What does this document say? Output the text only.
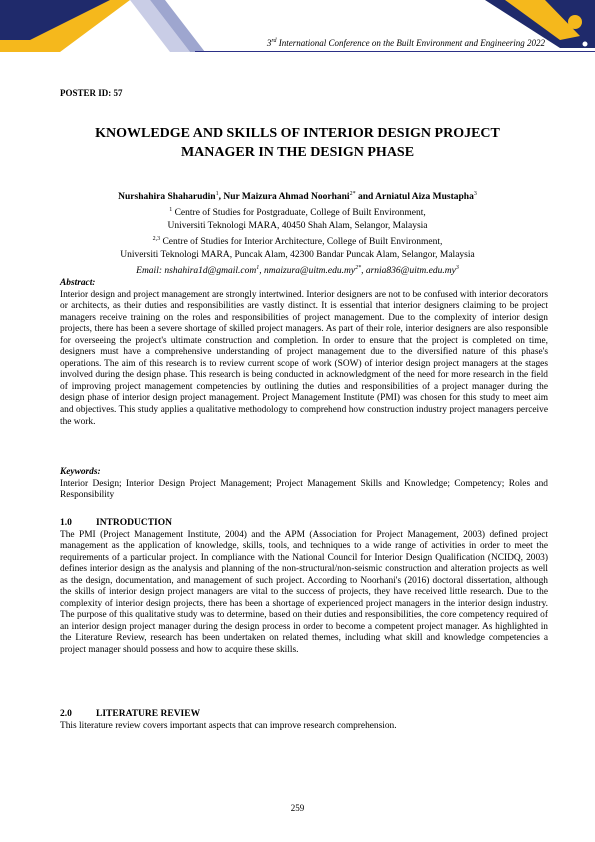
3rd International Conference on the Built Environment and Engineering 2022
POSTER ID: 57
KNOWLEDGE AND SKILLS OF INTERIOR DESIGN PROJECT
MANAGER IN THE DESIGN PHASE
Nurshahira Shaharudin$^1$, Nur Maizura Ahmad Noorhani$^{2*}$ and Arniatul Aiza Mustapha$^3$
$^1$ Centre of Studies for Postgraduate, College of Built Environment,
Universiti Teknologi MARA, 40450 Shah Alam, Selangor, Malaysia
$^{2,3}$ Centre of Studies for Interior Architecture, College of Built Environment,
Universiti Teknologi MARA, Puncak Alam, 42300 Bandar Puncak Alam, Selangor, Malaysia
Email: nshahira1d@gmail.com$^1$, $nmaizura@uitm.edu.my^{2*}$, $arnia836@uitm.edu.my^3$
Abstract:

Interior design and project management are strongly intertwined. Interior designers are not to be confused with interior decorators or architects, as their duties and responsibilities are vastly distinct. It is essential that interior designers claiming to be project managers receive training on the roles and responsibilities of project management. Due to the complexity of interior design projects, there has been a severe shortage of skilled project managers. As part of their role, interior designers are also responsible for overseeing the project's ultimate construction and completion. In order to ensure that the project is completed on time, designers must have a comprehensive understanding of project management due to the diversified nature of this phase's operations. The aim of this research is to review current scope of work (SOW) of interior design project managers at the stages involved during the design phase. This research is being conducted in acknowledgment of the need for more research in the field of improving project management competencies by outlining the duties and responsibilities of a project manager during the design phase of interior design project management. Project Management Institute (PMI) was chosen for this study to meet aim and objectives. This study applies a qualitative methodology to comprehend how construction industry project managers perceive the work.

Keywords:

Interior Design; Interior Design Project Management; Project Management Skills and Knowledge; Competency; Roles and Responsibility

1.0	INTRODUCTION

The PMI (Project Management Institute, 2004) and the APM (Association for Project Management, 2003) defined project management as the application of knowledge, skills, tools, and techniques to a wide range of activities in order to meet the requirements of a particular project. In compliance with the National Council for Interior Design Qualification (NCIDQ, 2003) defines interior design as the analysis and planning of the non-structural/non-seismic construction and alteration projects as well as the design, documentation, and management of such project. According to Noorhani's (2016) doctoral dissertation, although the skills of interior design project managers are vital to the success of projects, they have received little research. Due to the complexity of interior design projects, there has been a shortage of experienced project managers in the interior design industry. The purpose of this qualitative study was to determine, based on their duties and responsibilities, the core competency required of an interior design project manager during the design process in order to become a competent project manager. As highlighted in the Literature Review, research has been undertaken on related themes, including what skill and knowledge competencies a project manager should possess and how to acquire these skills.

2.0	LITERATURE REVIEW

This literature review covers important aspects that can improve research comprehension.

259
